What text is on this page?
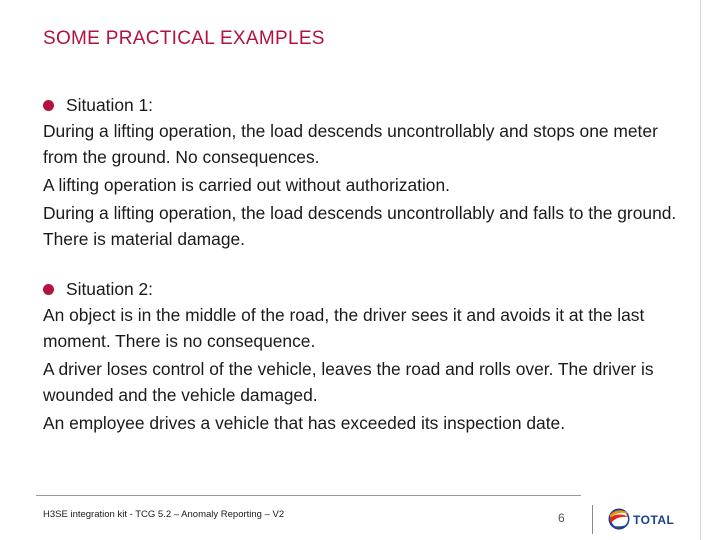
SOME PRACTICAL EXAMPLES
Situation 1:

During a lifting operation, the load descends uncontrollably and stops one meter from the ground. No consequences.

A lifting operation is carried out without authorization.

During a lifting operation, the load descends uncontrollably and falls to the ground. There is material damage.

Situation 2:

An object is in the middle of the road, the driver sees it and avoids it at the last moment. There is no consequence.

A driver loses control of the vehicle, leaves the road and rolls over. The driver is wounded and the vehicle damaged.

An employee drives a vehicle that has exceeded its inspection date.

H3SE integration kit - TCG 5.2 – Anomaly Reporting – V2	6	TOTAL
